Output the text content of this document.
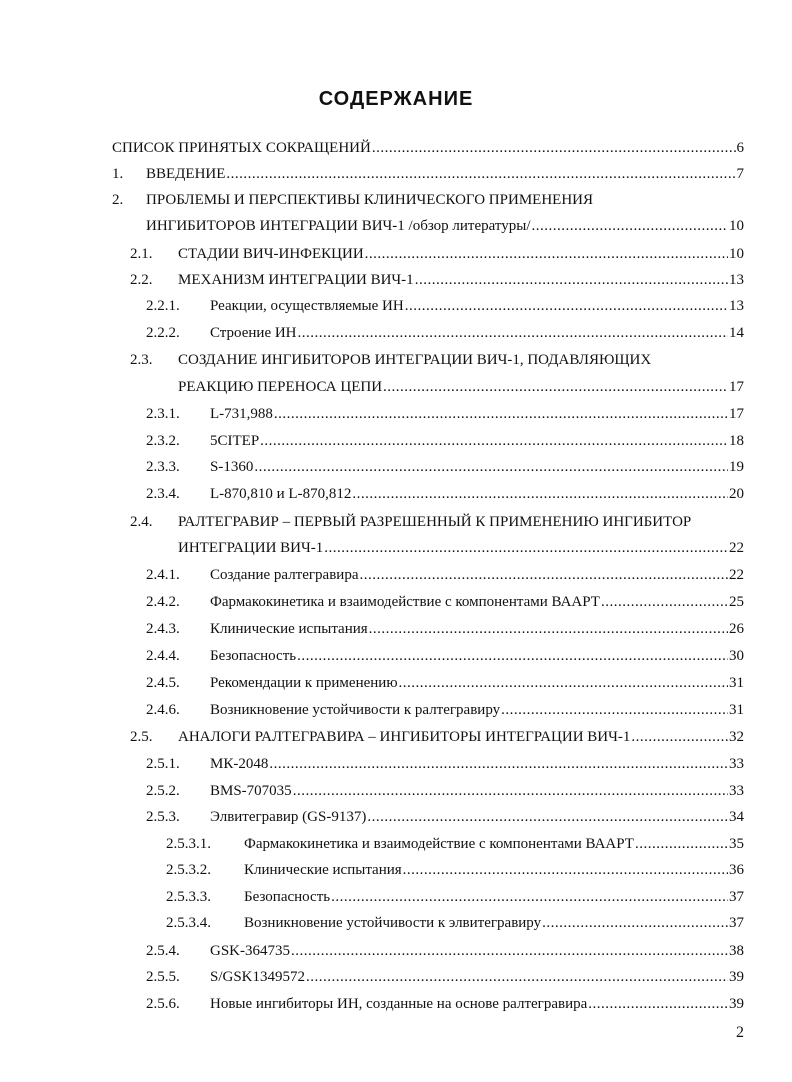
СОДЕРЖАНИЕ
СПИСОК ПРИНЯТЫХ СОКРАЩЕНИЙ .....	6
1.	ВВЕДЕНИЕ .....	7
2.	ПРОБЛЕМЫ И ПЕРСПЕКТИВЫ КЛИНИЧЕСКОГО ПРИМЕНЕНИЯ
ИНГИБИТОРОВ ИНТЕГРАЦИИ ВИЧ-1 /обзор литературы/ .....	10
2.1.	СТАДИИ ВИЧ-ИНФЕКЦИИ .....	10
2.2.	МЕХАНИЗМ ИНТЕГРАЦИИ ВИЧ-1 .....	13
2.2.1.	Реакции, осуществляемые ИН .....	13
2.2.2.	Строение ИН .....	14
2.3.	СОЗДАНИЕ ИНГИБИТОРОВ ИНТЕГРАЦИИ ВИЧ-1, ПОДАВЛЯЮЩИХ
РЕАКЦИЮ ПЕРЕНОСА ЦЕПИ .....	17
2.3.1.	L-731,988 .....	17
2.3.2.	5CITEP .....	18
2.3.3.	S-1360 .....	19
2.3.4.	L-870,810 и L-870,812 .....	20
2.4.	РАЛТЕГРАВИР – ПЕРВЫЙ РАЗРЕШЕННЫЙ К ПРИМЕНЕНИЮ ИНГИБИТОР
ИНТЕГРАЦИИ ВИЧ-1 .....	22
2.4.1.	Создание ралтегравира .....	22
2.4.2.	Фармакокинетика и взаимодействие с компонентами ВААРТ .....	25
2.4.3.	Клинические испытания .....	26
2.4.4.	Безопасность .....	30
2.4.5.	Рекомендации к применению .....	31
2.4.6.	Возникновение устойчивости к ралтегравиру .....	31
2.5.	АНАЛОГИ РАЛТЕГРАВИРА – ИНГИБИТОРЫ ИНТЕГРАЦИИ ВИЧ-1 .....	32
2.5.1.	МК-2048 .....	33
2.5.2.	BMS-707035 .....	33
2.5.3.	Элвитегравир (GS-9137) .....	34
2.5.3.1.	Фармакокинетика и взаимодействие с компонентами ВААРТ .....	35
2.5.3.2.	Клинические испытания .....	36
2.5.3.3.	Безопасность .....	37
2.5.3.4.	Возникновение устойчивости к элвитегравиру .....	37
2.5.4.	GSK-364735 .....	38
2.5.5.	S/GSK1349572 .....	39
2.5.6.	Новые ингибиторы ИН, созданные на основе ралтегравира .....	39
2
